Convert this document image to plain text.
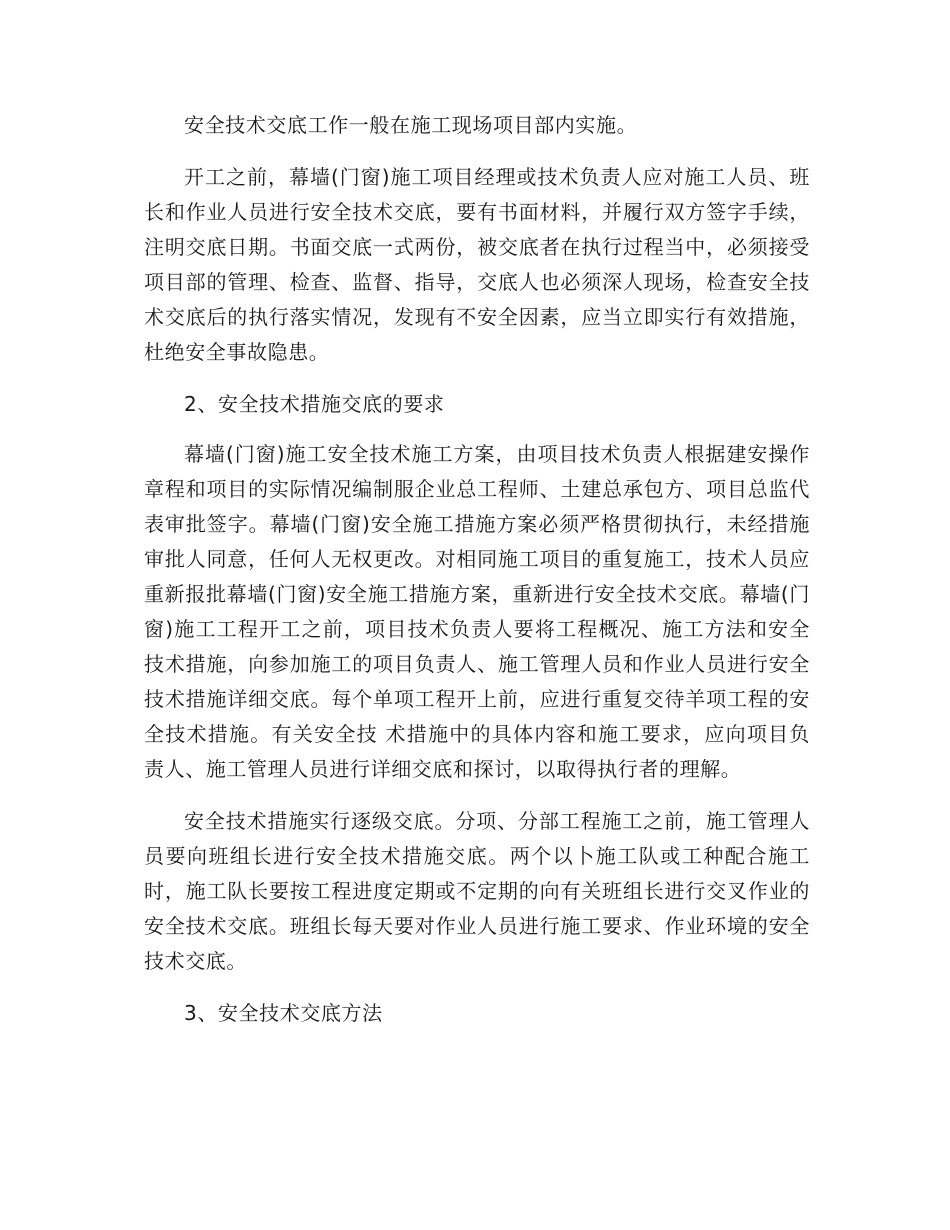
安全技术交底工作一般在施工现场项目部内实施。

开工之前，幕墙(门窗)施工项目经理或技术负责人应对施工人员、班长和作业人员进行安全技术交底，要有书面材料，并履行双方签字手续，注明交底日期。书面交底一式两份，被交底者在执行过程当中，必须接受项目部的管理、检查、监督、指导，交底人也必须深人现场，检查安全技术交底后的执行落实情况，发现有不安全因素，应当立即实行有效措施，杜绝安全事故隐患。

2、安全技术措施交底的要求

幕墙(门窗)施工安全技术施工方案，由项目技术负责人根据建安操作章程和项目的实际情况编制服企业总工程师、土建总承包方、项目总监代表审批签字。幕墙(门窗)安全施工措施方案必须严格贯彻执行，未经措施审批人同意，任何人无权更改。对相同施工项目的重复施工，技术人员应重新报批幕墙(门窗)安全施工措施方案，重新进行安全技术交底。幕墙(门窗)施工工程开工之前，项目技术负责人要将工程概况、施工方法和安全技术措施，向参加施工的项目负责人、施工管理人员和作业人员进行安全技术措施详细交底。每个单项工程开上前，应进行重复交待羊项工程的安全技术措施。有关安全技 术措施中的具体内容和施工要求，应向项目负责人、施工管理人员进行详细交底和探讨，以取得执行者的理解。

安全技术措施实行逐级交底。分项、分部工程施工之前，施工管理人员要向班组长进行安全技术措施交底。两个以卜施工队或工种配合施工时，施工队长要按工程进度定期或不定期的向有关班组长进行交叉作业的安全技术交底。班组长每天要对作业人员进行施工要求、作业环境的安全技术交底。

3、安全技术交底方法
